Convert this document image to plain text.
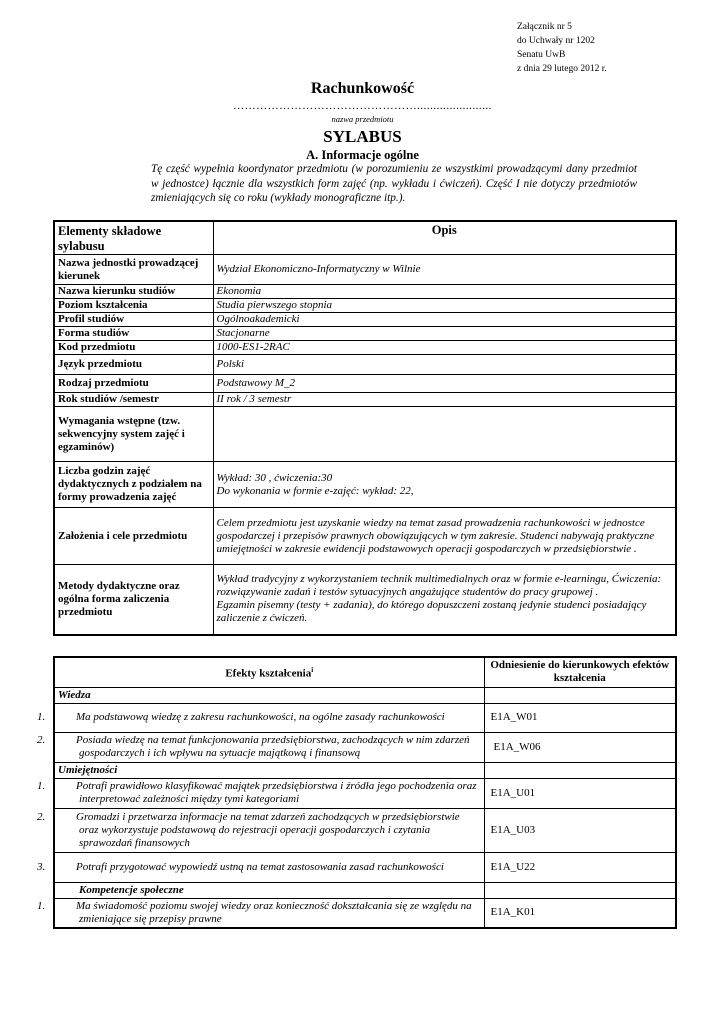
Załącznik nr 5
do Uchwały nr 1202
Senatu UwB
z dnia 29 lutego 2012 r.
Rachunkowość
………………………………………….......................
nazwa przedmiotu
SYLABUS
A. Informacje ogólne
Tę część wypełnia koordynator przedmiotu (w porozumieniu ze wszystkimi prowadzącymi dany przedmiot w jednostce) łącznie dla wszystkich form zajęć (np. wykładu i ćwiczeń). Część I nie dotyczy przedmiotów zmieniających się co roku (wykłady monograficzne itp.).
Elementy składowe sylabusu	Opis
Nazwa jednostki prowadzącej kierunek	Wydział Ekonomiczno-Informatyczny w Wilnie
Nazwa kierunku studiów	Ekonomia
Poziom kształcenia	Studia pierwszego stopnia
Profil studiów	Ogólnoakademicki
Forma studiów	Stacjonarne
Kod przedmiotu	1000-ES1-2RAC
Język przedmiotu	Polski
Rodzaj przedmiotu	Podstawowy M_2
Rok studiów /semestr	II rok / 3 semestr
Wymagania wstępne (tzw. sekwencyjny system zajęć i egzaminów)	
Liczba godzin zajęć dydaktycznych z podziałem na formy prowadzenia zajęć	Wykład: 30 , ćwiczenia:30
Do wykonania w formie e-zajęć: wykład: 22,
Założenia i cele przedmiotu	Celem przedmiotu jest uzyskanie wiedzy na temat zasad prowadzenia rachunkowości w jednostce gospodarczej i przepisów prawnych obowiązujących w tym zakresie. Studenci nabywają praktyczne umiejętności w zakresie ewidencji podstawowych operacji gospodarczych w przedsiębiorstwie .
Metody dydaktyczne oraz ogólna forma zaliczenia przedmiotu	Wykład tradycyjny z wykorzystaniem technik multimedialnych oraz w formie e-learningu, Ćwiczenia: rozwiązywanie zadań i testów sytuacyjnych angażujące studentów do pracy grupowej .
Egzamin pisemny (testy + zadania), do którego dopuszczeni zostaną jedynie studenci posiadający zaliczenie z ćwiczeń.
Efekty kształcenia$^i$	Odniesienie do kierunkowych efektów kształcenia
Wiedza	
1. Ma podstawową wiedzę z zakresu rachunkowości, na ogólne zasady rachunkowości	E1A_W01
2. Posiada wiedzę na temat funkcjonowania przedsiębiorstwa, zachodzących w nim zdarzeń gospodarczych i ich wpływu na sytuacje majątkową i finansową	E1A_W06
Umiejętności	
1. Potrafi prawidłowo klasyfikować majątek przedsiębiorstwa i źródła jego pochodzenia oraz interpretować zależności między tymi kategoriami	E1A_U01
2. Gromadzi i przetwarza informacje na temat zdarzeń zachodzących w przedsiębiorstwie oraz wykorzystuje podstawową do rejestracji operacji gospodarczych i czytania sprawozdań finansowych	E1A_U03
3. Potrafi przygotować wypowiedź ustną na temat zastosowania zasad rachunkowości	E1A_U22
Kompetencje społeczne	
1. Ma świadomość poziomu swojej wiedzy oraz konieczność dokształcania się ze względu na zmieniające się przepisy prawne	E1A_K01
